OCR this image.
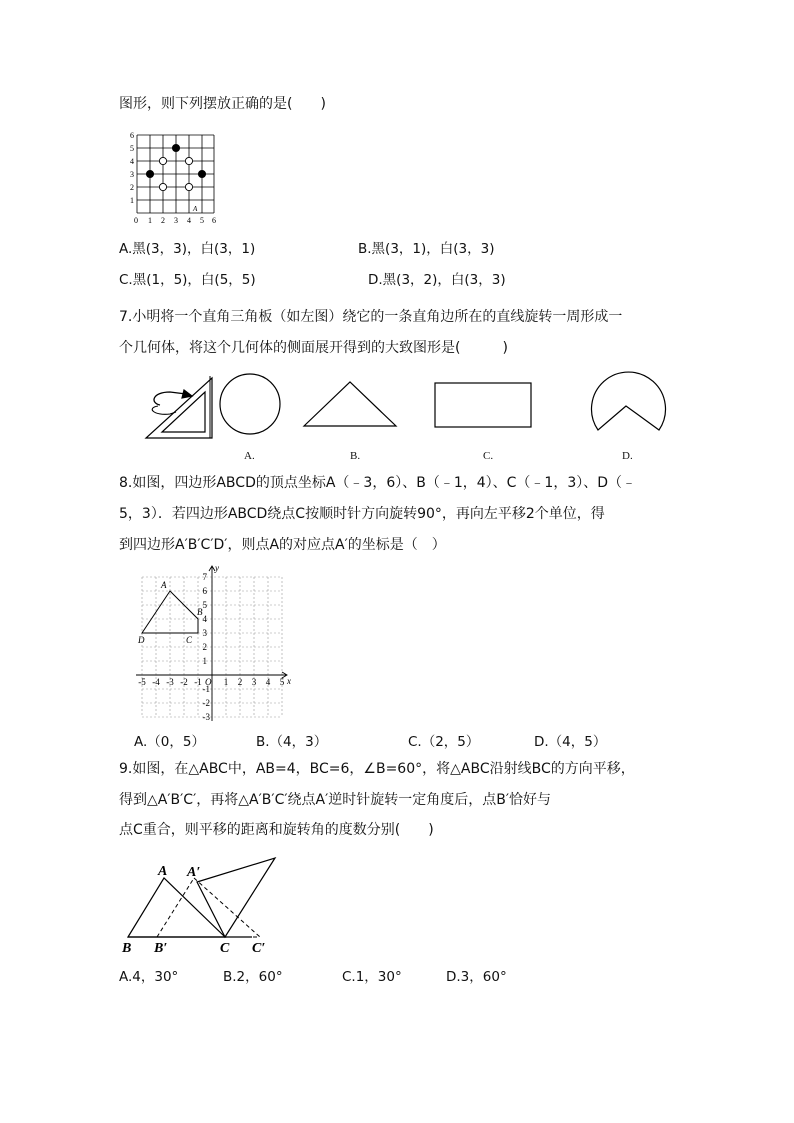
图形，则下列摆放正确的是(　　)
0 1 2 3 4 5 6
1
2
3
4
5
6
A
A.黑(3，3)，白(3，1)	B.黑(3，1)，白(3，3)
C.黑(1，5)，白(5，5)	D.黑(3，2)，白(3，3)
7.小明将一个直角三角板（如左图）绕它的一条直角边所在的直线旋转一周形成一
个几何体，将这个几何体的侧面展开得到的大致图形是(　　　)
A.	B.	C.	D.
8.如图，四边形ABCD的顶点坐标A（﹣3，6）、B（﹣1，4）、C（﹣1，3）、D（﹣
5，3）．若四边形ABCD绕点C按顺时针方向旋转90°，再向左平移2个单位，得
到四边形A′B′C′D′，则点A的对应点A′的坐标是（　）
x
y
O
-5 -4 -3 -2 -1 1 2 3 4 5
7
6
5
4
3
2
1
-1
-2
-3
A
B
C
D
A.（0，5）	B.（4，3）	C.（2，5）	D.（4，5）
9.如图，在△ABC中，AB=4，BC=6，∠B=60°，将△ABC沿射线BC的方向平移，
得到△A′B′C′，再将△A′B′C′绕点A′逆时针旋转一定角度后，点B′恰好与
点C重合，则平移的距离和旋转角的度数分别(　　)
A A′
B B′	C C′
A.4，30°	B.2，60°	C.1，30°	D.3，60°
